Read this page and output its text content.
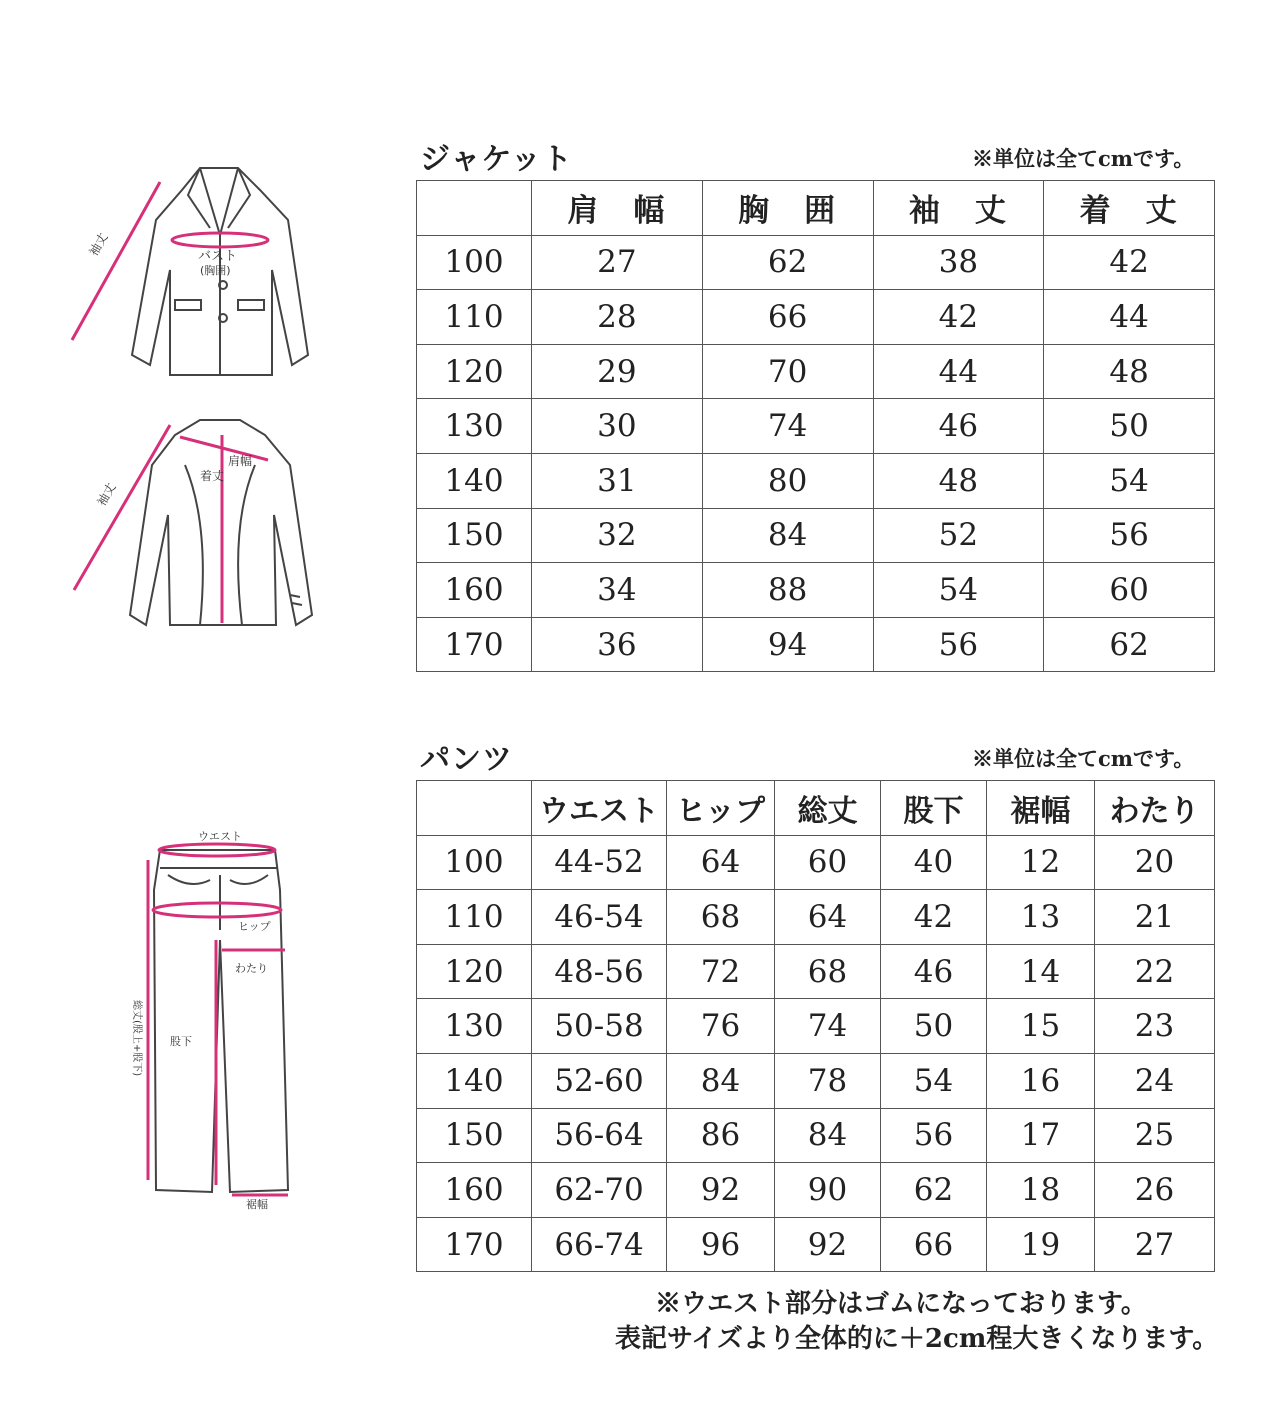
袖丈	バスト
(胸囲)
袖丈
肩幅
着丈
ウエスト
ヒップ
わたり
総丈(股上+股下)	股下
裾幅
ジャケット	※単位は全てcmです。
	肩　幅	胸　囲	袖　丈	着　丈
100	27	62	38	42
110	28	66	42	44
120	29	70	44	48
130	30	74	46	50
140	31	80	48	54
150	32	84	52	56
160	34	88	54	60
170	36	94	56	62
パンツ	※単位は全てcmです。
	ウエスト	ヒップ	総丈	股下	裾幅	わたり
100	44-52	64	60	40	12	20
110	46-54	68	64	42	13	21
120	48-56	72	68	46	14	22
130	50-58	76	74	50	15	23
140	52-60	84	78	54	16	24
150	56-64	86	84	56	17	25
160	62-70	92	90	62	18	26
170	66-74	96	92	66	19	27
※ウエスト部分はゴムになっております。
表記サイズより全体的に＋2cm程大きくなります。
